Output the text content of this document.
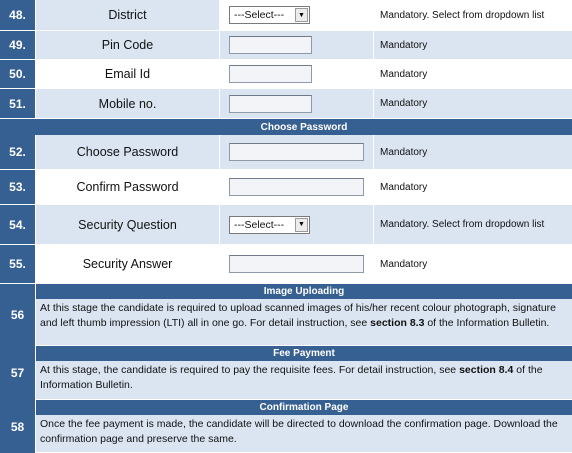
48.	District	---Select---	▼	Mandatory. Select from dropdown list
49.	Pin Code	Mandatory
50.	Email Id	Mandatory
51.	Mobile no.	Mandatory
Choose Password
52.	Choose Password	Mandatory
53.	Confirm Password	Mandatory
54.	Security Question	---Select---	▼	Mandatory. Select from dropdown list
55.	Security Answer	Mandatory
Image Uploading
56	At this stage the candidate is required to upload scanned images of his/her recent colour photograph, signature and left thumb impression (LTI) all in one go. For detail instruction, see section 8.3 of the Information Bulletin.
Fee Payment
57	At this stage, the candidate is required to pay the requisite fees. For detail instruction, see section 8.4 of the Information Bulletin.
Confirmation Page
58	Once the fee payment is made, the candidate will be directed to download the confirmation page. Download the confirmation page and preserve the same.
